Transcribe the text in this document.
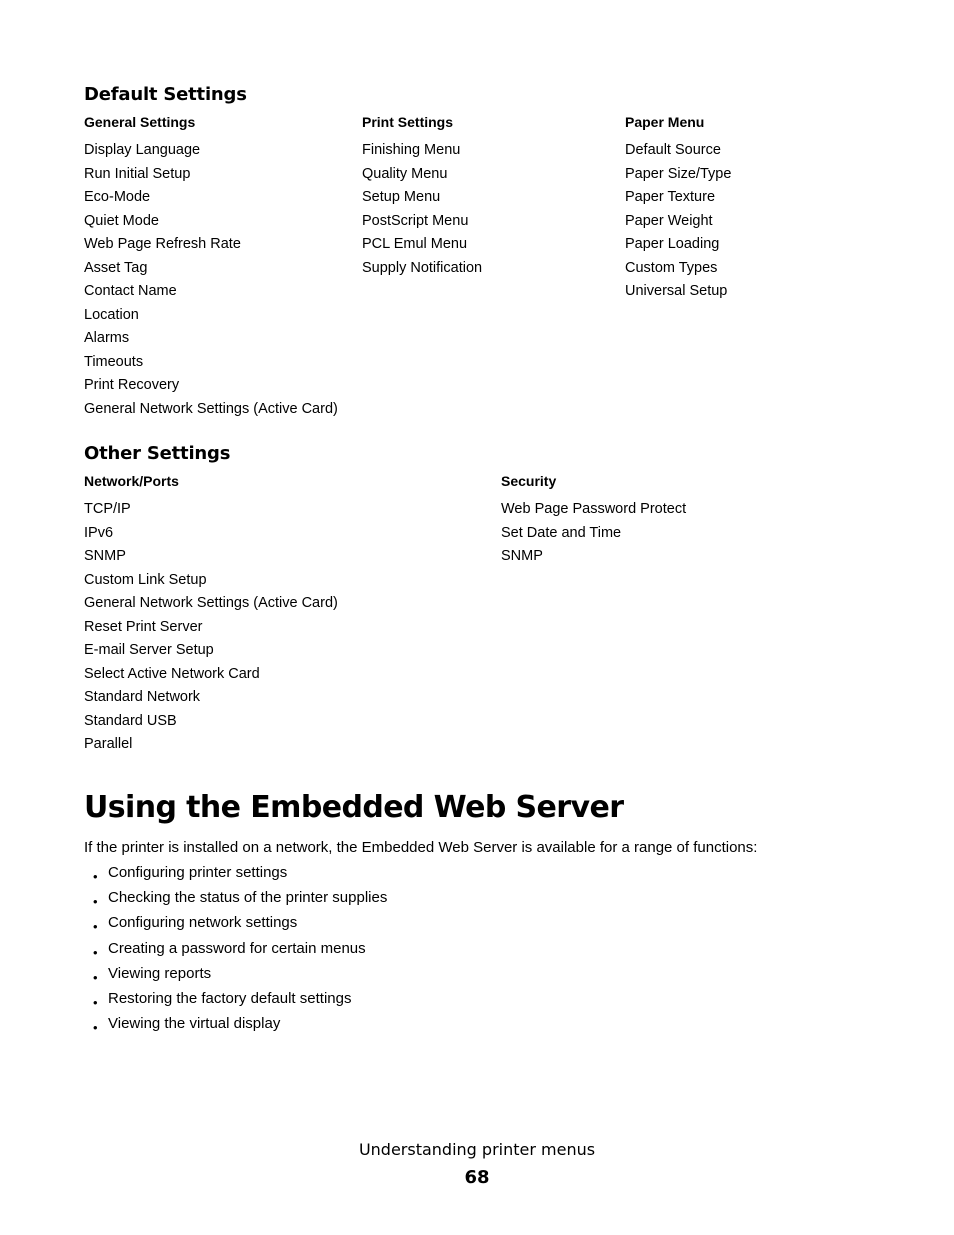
Default Settings
General Settings
Display Language
Run Initial Setup
Eco-Mode
Quiet Mode
Web Page Refresh Rate
Asset Tag
Contact Name
Location
Alarms
Timeouts
Print Recovery
General Network Settings (Active Card)
Print Settings
Finishing Menu
Quality Menu
Setup Menu
PostScript Menu
PCL Emul Menu
Supply Notification
Paper Menu
Default Source
Paper Size/Type
Paper Texture
Paper Weight
Paper Loading
Custom Types
Universal Setup
Other Settings
Network/Ports
TCP/IP
IPv6
SNMP
Custom Link Setup
General Network Settings (Active Card)
Reset Print Server
E-mail Server Setup
Select Active Network Card
Standard Network
Standard USB
Parallel
Security
Web Page Password Protect
Set Date and Time
SNMP
Using the Embedded Web Server
If the printer is installed on a network, the Embedded Web Server is available for a range of functions:
• Configuring printer settings
• Checking the status of the printer supplies
• Configuring network settings
• Creating a password for certain menus
• Viewing reports
• Restoring the factory default settings
• Viewing the virtual display
Understanding printer menus
68
